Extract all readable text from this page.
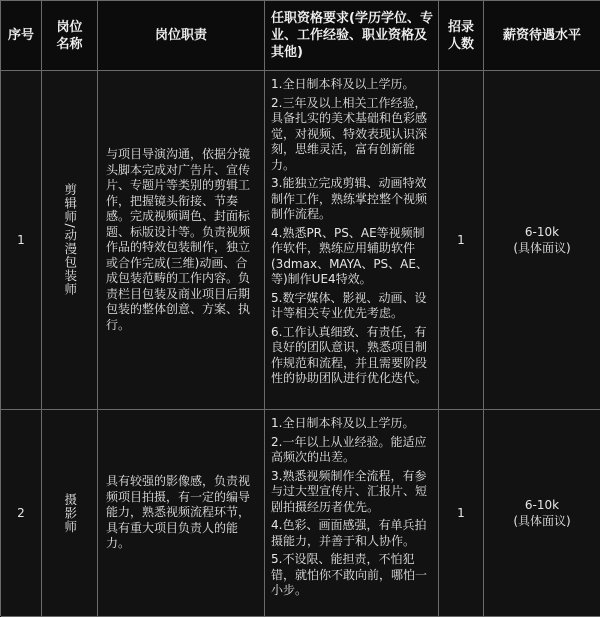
序号
岗位
名称
岗位职责
任职资格要求(学历学位、专业、工作经验、职业资格及其他)
招录
人数
薪资待遇水平
1	剪辑师/动漫包装师
与项目导演沟通，依据分镜头脚本完成对广告片、宣传片、专题片等类别的剪辑工作，把握镜头衔接、节奏感。完成视频调色、封面标题、标版设计等。负责视频作品的特效包装制作，独立或合作完成(三维)动画、合成包装范畴的工作内容。负责栏目包装及商业项目后期包装的整体创意、方案、执行。

1.全日制本科及以上学历。

2.三年及以上相关工作经验，具备扎实的美术基础和色彩感觉，对视频、特效表现认识深刻，思维灵活，富有创新能力。

3.能独立完成剪辑、动画特效制作工作，熟练掌控整个视频制作流程。

4.熟悉PR、PS、AE等视频制作软件，熟练应用辅助软件(3dmax、MAYA、PS、AE、等)制作UE4特效。

5.数字媒体、影视、动画、设计等相关专业优先考虑。

6.工作认真细致、有责任，有良好的团队意识，熟悉项目制作规范和流程，并且需要阶段性的协助团队进行优化迭代。

1
6-10k
(具体面议)
2	摄影师
具有较强的影像感，负责视频项目拍摄，有一定的编导能力，熟悉视频流程环节，具有重大项目负责人的能力。

1.全日制本科及以上学历。

2.一年以上从业经验。能适应高频次的出差。

3.熟悉视频制作全流程，有参与过大型宣传片、汇报片、短剧拍摄经历者优先。

4.色彩、画面感强，有单兵拍摄能力，并善于和人协作。

5.不设限、能担责，不怕犯错，就怕你不敢向前，哪怕一小步。

1
6-10k
(具体面议)
